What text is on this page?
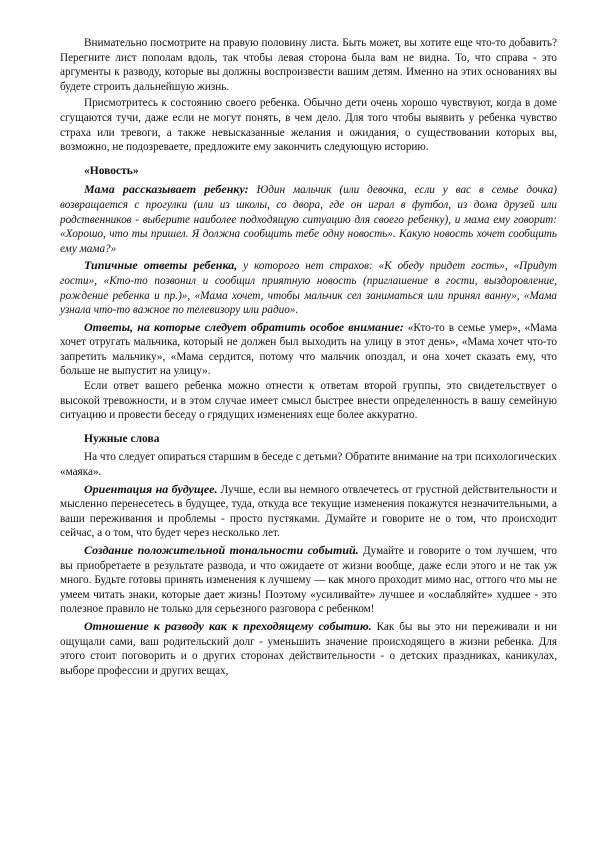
Внимательно посмотрите на правую половину листа. Быть может, вы хотите еще что-то добавить? Перегните лист пополам вдоль, так чтобы левая сторона была вам не видна. То, что справа - это аргументы к разводу, которые вы должны воспроизвести вашим детям. Именно на этих основаниях вы будете строить дальнейшую жизнь.

Присмотритесь к состоянию своего ребенка. Обычно дети очень хорошо чувствуют, когда в доме сгущаются тучи, даже если не могут понять, в чем дело. Для того чтобы выявить у ребенка чувство страха или тревоги, а также невысказанные желания и ожидания, о существовании которых вы, возможно, не подозреваете, предложите ему закончить следующую историю.

«Новость»

Мама рассказывает ребенку: Юдин мальчик (или девочка, если у вас в семье дочка) возвращается с прогулки (или из школы, со двора, где он играл в футбол, из дома друзей или родственников - выберите наиболее подходящую ситуацию для своего ребенку), и мама ему говорит: «Хорошо, что ты пришел. Я должна сообщить тебе одну новость». Какую новость хочет сообщить ему мама?»

Типичные ответы ребенка, у которого нет страхов: «К обеду придет гость», «Придут гости», «Кто-то позвонил и сообщил приятную новость (приглашение в гости, выздоровление, рождение ребенка и пр.)», «Мама хочет, чтобы мальчик сел заниматься или принял ванну», «Мама узнала что-то важное по телевизору или радио».

Ответы, на которые следует обратить особое внимание: «Кто-то в семье умер», «Мама хочет отругать мальчика, который не должен был выходить на улицу в этот день», «Мама хочет что-то запретить мальчику», «Мама сердится, потому что мальчик опоздал, и она хочет сказать ему, что больше не выпустит на улицу».

Если ответ вашего ребенка можно отнести к ответам второй группы, это свидетельствует о высокой тревожности, и в этом случае имеет смысл быстрее внести определенность в вашу семейную ситуацию и провести беседу о грядущих изменениях еще более аккуратно.

Нужные слова

На что следует опираться старшим в беседе с детьми? Обратите внимание на три психологических «маяка».

Ориентация на будущее. Лучше, если вы немного отвлечетесь от грустной действительности и мысленно перенесетесь в будущее, туда, откуда все текущие изменения покажутся незначительными, а ваши переживания и проблемы - просто пустяками. Думайте и говорите не о том, что происходит сейчас, а о том, что будет через несколько лет.

Создание положительной тональности событий. Думайте и говорите о том лучшем, что вы приобретаете в результате развода, и что ожидаете от жизни вообще, даже если этого и не так уж много. Будьте готовы принять изменения к лучшему — как много проходит мимо нас, оттого что мы не умеем читать знаки, которые дает жизнь! Поэтому «усиливайте» лучшее и «ослабляйте» худшее - это полезное правило не только для серьезного разговора с ребенком!

Отношение к разводу как к преходящему событию. Как бы вы это ни переживали и ни ощущали сами, ваш родительский долг - уменьшить значение происходящего в жизни ребенка. Для этого стоит поговорить и о других сторонах действительности - о детских праздниках, каникулах, выборе профессии и других вещах,
